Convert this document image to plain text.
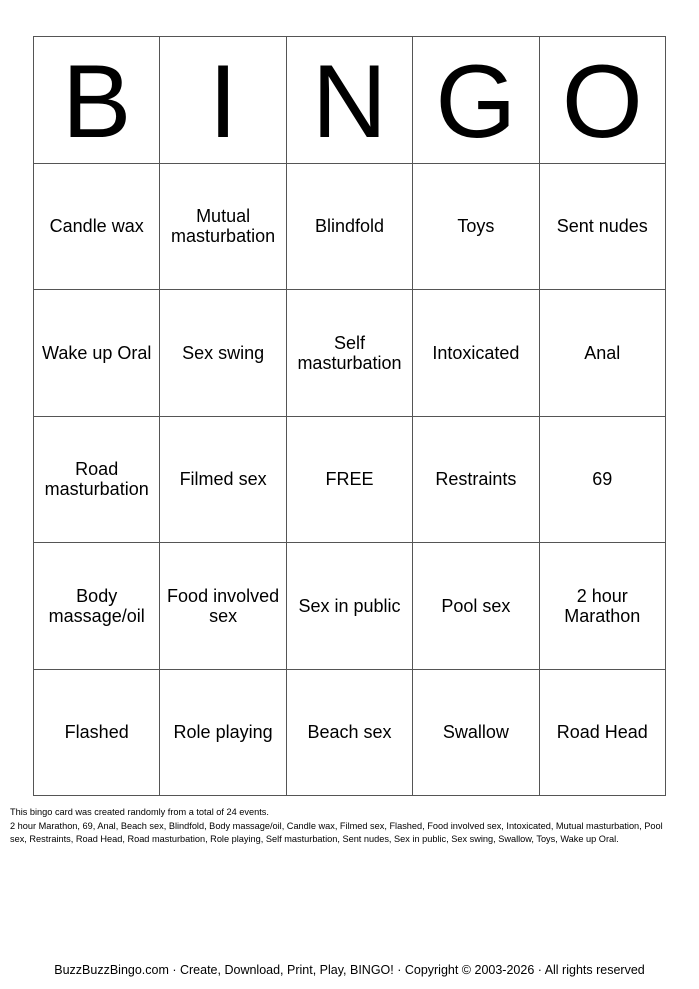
B	I	N	G	O
Candle wax	Mutual masturbation	Blindfold	Toys	Sent nudes
Wake up Oral	Sex swing	Self masturbation	Intoxicated	Anal
Road masturbation	Filmed sex	FREE	Restraints	69
Body massage/oil	Food involved sex	Sex in public	Pool sex	2 hour Marathon
Flashed	Role playing	Beach sex	Swallow	Road Head
This bingo card was created randomly from a total of 24 events.
2 hour Marathon, 69, Anal, Beach sex, Blindfold, Body massage/oil, Candle wax, Filmed sex, Flashed, Food involved sex, Intoxicated, Mutual masturbation, Pool sex, Restraints, Road Head, Road masturbation, Role playing, Self masturbation, Sent nudes, Sex in public, Sex swing, Swallow, Toys, Wake up Oral.
BuzzBuzzBingo.com · Create, Download, Print, Play, BINGO! · Copyright © 2003-2026 · All rights reserved
